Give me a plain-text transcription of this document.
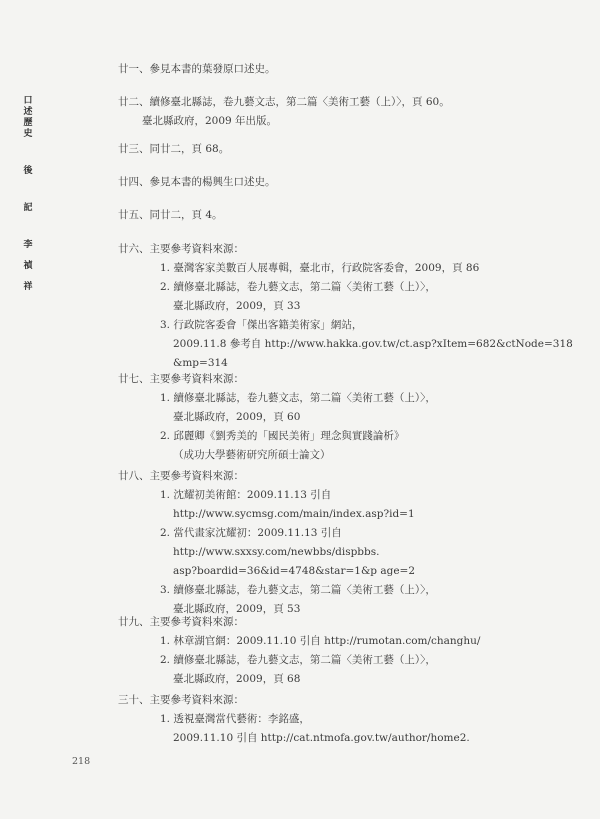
口
述
歷
史
後
記
李
禎
祥
廿一、參見本書的葉發原口述史。
廿二、續修臺北縣誌，卷九藝文志，第二篇〈美術工藝（上）〉，頁 60。
臺北縣政府，2009 年出版。
廿三、同廿二，頁 68。
廿四、參見本書的楊興生口述史。
廿五、同廿二，頁 4。
廿六、主要參考資料來源：
1. 臺灣客家美數百人展專輯，臺北市，行政院客委會，2009，頁 86
2. 續修臺北縣誌，卷九藝文志，第二篇〈美術工藝（上）〉，
臺北縣政府，2009，頁 33
3. 行政院客委會「傑出客籍美術家」網站，
2009.11.8 參考自 http://www.hakka.gov.tw/ct.asp?xItem=682&ctNode=318
&mp=314
廿七、主要參考資料來源：
1. 續修臺北縣誌，卷九藝文志，第二篇〈美術工藝（上）〉，
臺北縣政府，2009，頁 60
2. 邱麗卿《劉秀美的「國民美術」理念與實踐論析》
（成功大學藝術研究所碩士論文）
廿八、主要參考資料來源：
1. 沈耀初美術館：2009.11.13 引自
http://www.sycmsg.com/main/index.asp?id=1
2. 當代畫家沈耀初：2009.11.13 引自
http://www.sxxsy.com/newbbs/dispbbs.
asp?boardid=36&id=4748&star=1&p age=2
3. 續修臺北縣誌，卷九藝文志，第二篇〈美術工藝（上）〉，
臺北縣政府，2009，頁 53
廿九、主要參考資料來源：
1. 林章湖官網：2009.11.10 引自 http://rumotan.com/changhu/
2. 續修臺北縣誌，卷九藝文志，第二篇〈美術工藝（上）〉，
臺北縣政府，2009，頁 68
三十、主要參考資料來源：
1. 透視臺灣當代藝術：李銘盛，
2009.11.10 引自 http://cat.ntmofa.gov.tw/author/home2.
218
